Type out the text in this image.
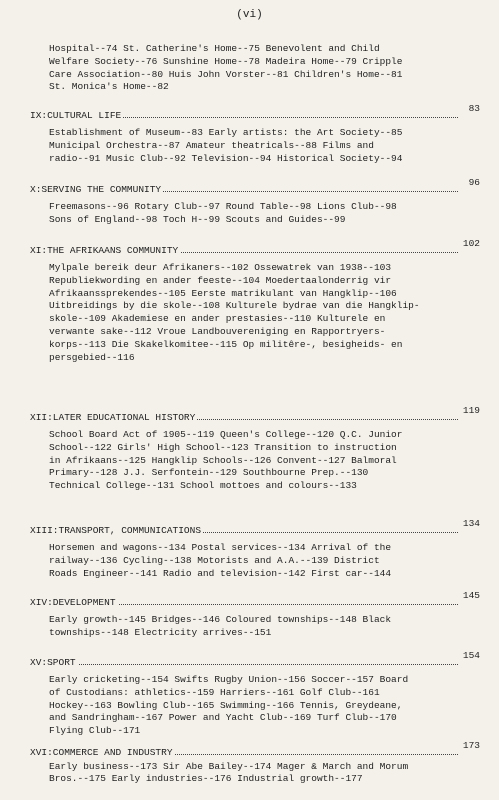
(vi)
Hospital--74 St. Catherine's Home--75 Benevolent and Child
Welfare Society--76 Sunshine Home--78 Madeira Home--79 Cripple
Care Association--80 Huis John Vorster--81 Children's Home--81
St. Monica's Home--82
IX:CULTURAL LIFE
83
Establishment of Museum--83 Early artists: the Art Society--85
Municipal Orchestra--87 Amateur theatricals--88 Films and
radio--91 Music Club--92 Television--94 Historical Society--94
X:SERVING THE COMMUNITY
96
Freemasons--96 Rotary Club--97 Round Table--98 Lions Club--98
Sons of England--98 Toch H--99 Scouts and Guides--99
XI:THE AFRIKAANS COMMUNITY
102
Mylpale bereik deur Afrikaners--102 Ossewatrek van 1938--103
Republiekwording en ander feeste--104 Moedertaalonderrig vir
Afrikaanssprekendes--105 Eerste matrikulant van Hangklip--106
Uitbreidings by die skole--108 Kulturele bydrae van die Hangklip-
skole--109 Akademiese en ander prestasies--110 Kulturele en
verwante sake--112 Vroue Landbouvereniging en Rapportryers-
korps--113 Die Skakelkomitee--115 Op militêre-, besigheids- en
persgebied--116
XII:LATER EDUCATIONAL HISTORY
119
School Board Act of 1905--119 Queen's College--120 Q.C. Junior
School--122 Girls' High School--123 Transition to instruction
in Afrikaans--125 Hangklip Schools--126 Convent--127 Balmoral
Primary--128 J.J. Serfontein--129 Southbourne Prep.--130
Technical College--131 School mottoes and colours--133
XIII:TRANSPORT, COMMUNICATIONS
134
Horsemen and wagons--134 Postal services--134 Arrival of the
railway--136 Cycling--138 Motorists and A.A.--139 District
Roads Engineer--141 Radio and television--142 First car--144
XIV:DEVELOPMENT
145
Early growth--145 Bridges--146 Coloured townships--148 Black
townships--148 Electricity arrives--151
XV:SPORT
154
Early cricketing--154 Swifts Rugby Union--156 Soccer--157 Board
of Custodians: athletics--159 Harriers--161 Golf Club--161
Hockey--163 Bowling Club--165 Swimming--166 Tennis, Greydeane,
and Sandringham--167 Power and Yacht Club--169 Turf Club--170
Flying Club--171
XVI:COMMERCE AND INDUSTRY
173
Early business--173 Sir Abe Bailey--174 Mager & March and Morum
Bros.--175 Early industries--176 Industrial growth--177
